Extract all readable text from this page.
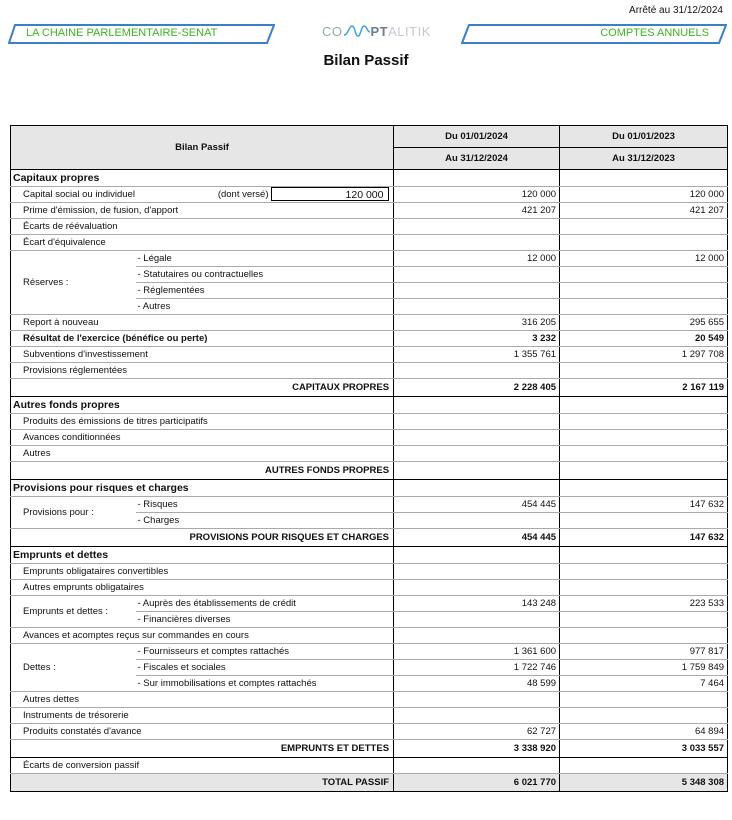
Arrêté au 31/12/2024
LA CHAINE PARLEMENTAIRE-SENAT	CO PTALITIK	COMPTES ANNUELS
Bilan Passif
Bilan Passif			Du 01/01/2024	Du 01/01/2023
			Au 31/12/2024	Au 31/12/2023
Capitaux propres				
Capital social ou individuel (dont versé)		120 000	120 000	120 000
Prime d'émission, de fusion, d'apport			421 207	421 207
Écarts de réévaluation				
Écart d'équivalence				
Réserves :	- Légale		12 000	12 000
	- Statutaires ou contractuelles			
	- Réglementées			
	- Autres			
Report à nouveau			316 205	295 655
Résultat de l'exercice (bénéfice ou perte)			3 232	20 549
Subventions d'investissement			1 355 761	1 297 708
Provisions réglementées				
CAPITAUX PROPRES			2 228 405	2 167 119
Autres fonds propres				
Produits des émissions de titres participatifs				
Avances conditionnées				
Autres				
AUTRES FONDS PROPRES				
Provisions pour risques et charges				
Provisions pour :	- Risques		454 445	147 632
	- Charges			
PROVISIONS POUR RISQUES ET CHARGES			454 445	147 632
Emprunts et dettes				
Emprunts obligataires convertibles				
Autres emprunts obligataires				
Emprunts et dettes :	- Auprès des établissements de crédit		143 248	223 533
	- Financières diverses			
Avances et acomptes reçus sur commandes en cours				
Dettes :	- Fournisseurs et comptes rattachés		1 361 600	977 817
	- Fiscales et sociales		1 722 746	1 759 849
	- Sur immobilisations et comptes rattachés		48 599	7 464
Autres dettes				
Instruments de trésorerie				
Produits constatés d'avance			62 727	64 894
EMPRUNTS ET DETTES			3 338 920	3 033 557
Écarts de conversion passif				
TOTAL PASSIF			6 021 770	5 348 308
